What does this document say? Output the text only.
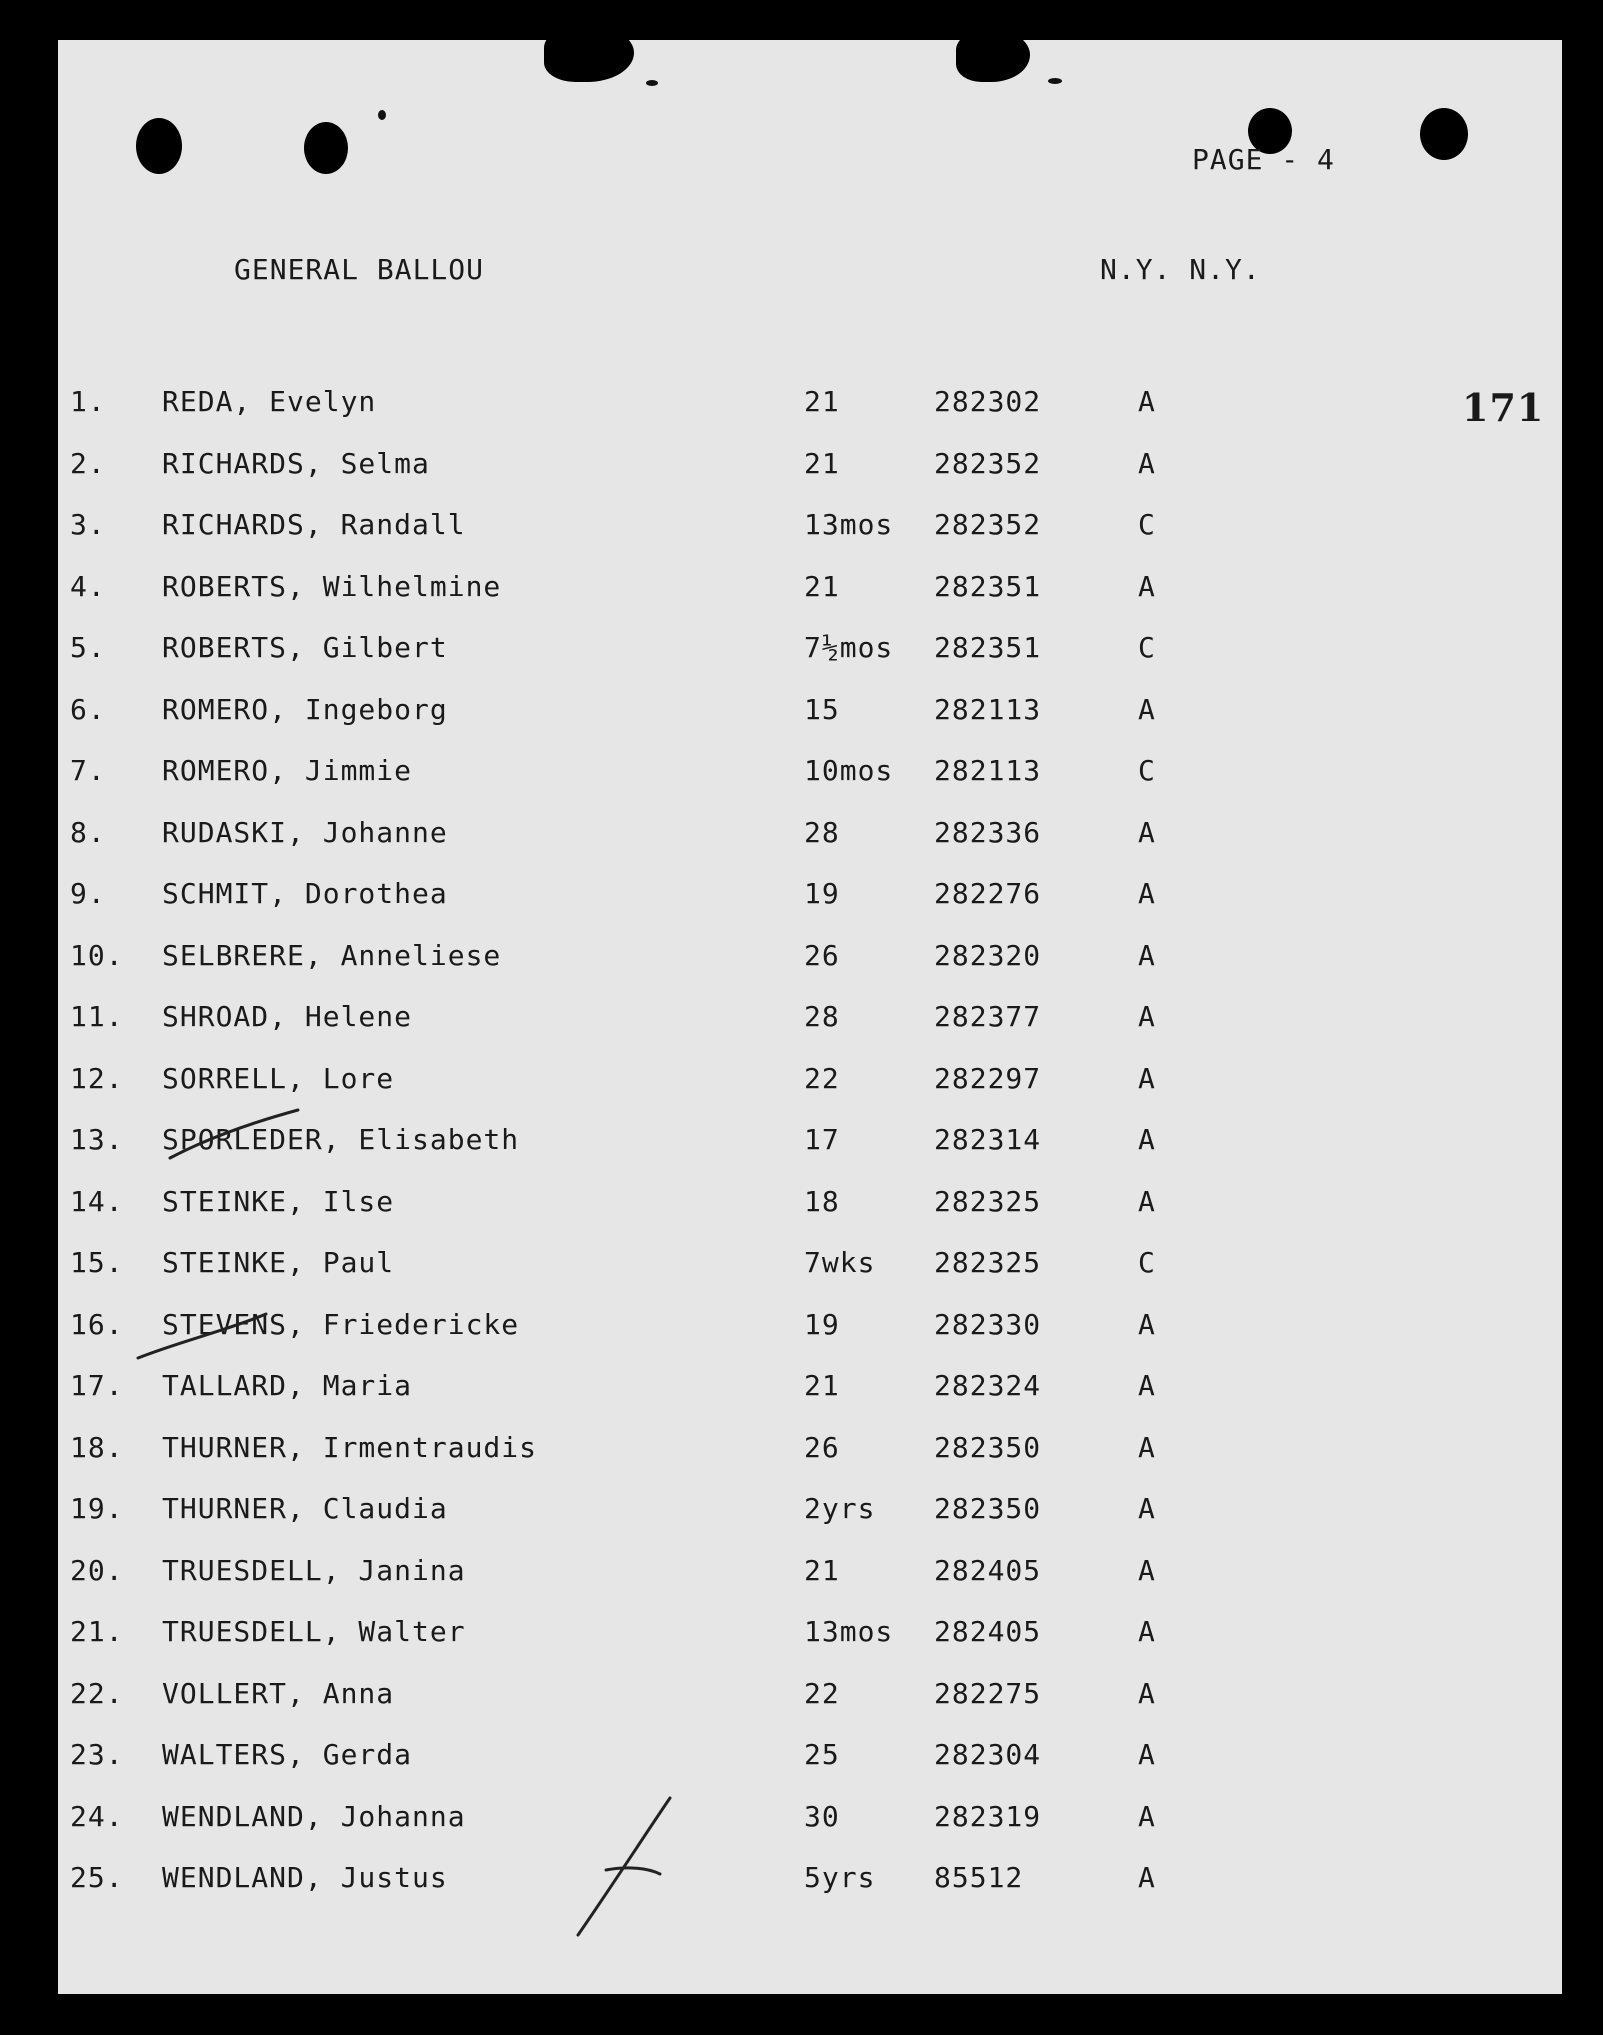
PAGE - 4
GENERAL BALLOU	N.Y. N.Y.
171
1. REDA, Evelyn	21	282302	A
2. RICHARDS, Selma	21	282352	A
3. RICHARDS, Randall	13mos 282352	C
4. ROBERTS, Wilhelmine	21	282351	A
5. ROBERTS, Gilbert	7½mos 282351	C
6. ROMERO, Ingeborg	15	282113	A
7. ROMERO, Jimmie	10mos 282113	C
8. RUDASKI, Johanne	28	282336	A
9. SCHMIT, Dorothea	19	282276	A
10. SELBRERE, Anneliese	26	282320	A
11. SHROAD, Helene	28	282377	A
12. SORRELL, Lore	22	282297	A
13. SPORLEDER, Elisabeth	17	282314	A
14. STEINKE, Ilse	18	282325	A
15. STEINKE, Paul	7wks 282325	C
16. STEVENS, Friedericke	19	282330	A
17. TALLARD, Maria	21	282324	A
18. THURNER, Irmentraudis	26	282350	A
19. THURNER, Claudia	2yrs 282350	A
20. TRUESDELL, Janina	21	282405	A
21. TRUESDELL, Walter	13mos 282405	A
22. VOLLERT, Anna	22	282275	A
23. WALTERS, Gerda	25	282304	A
24. WENDLAND, Johanna	30	282319	A
25. WENDLAND, Justus	5yrs 85512	A
